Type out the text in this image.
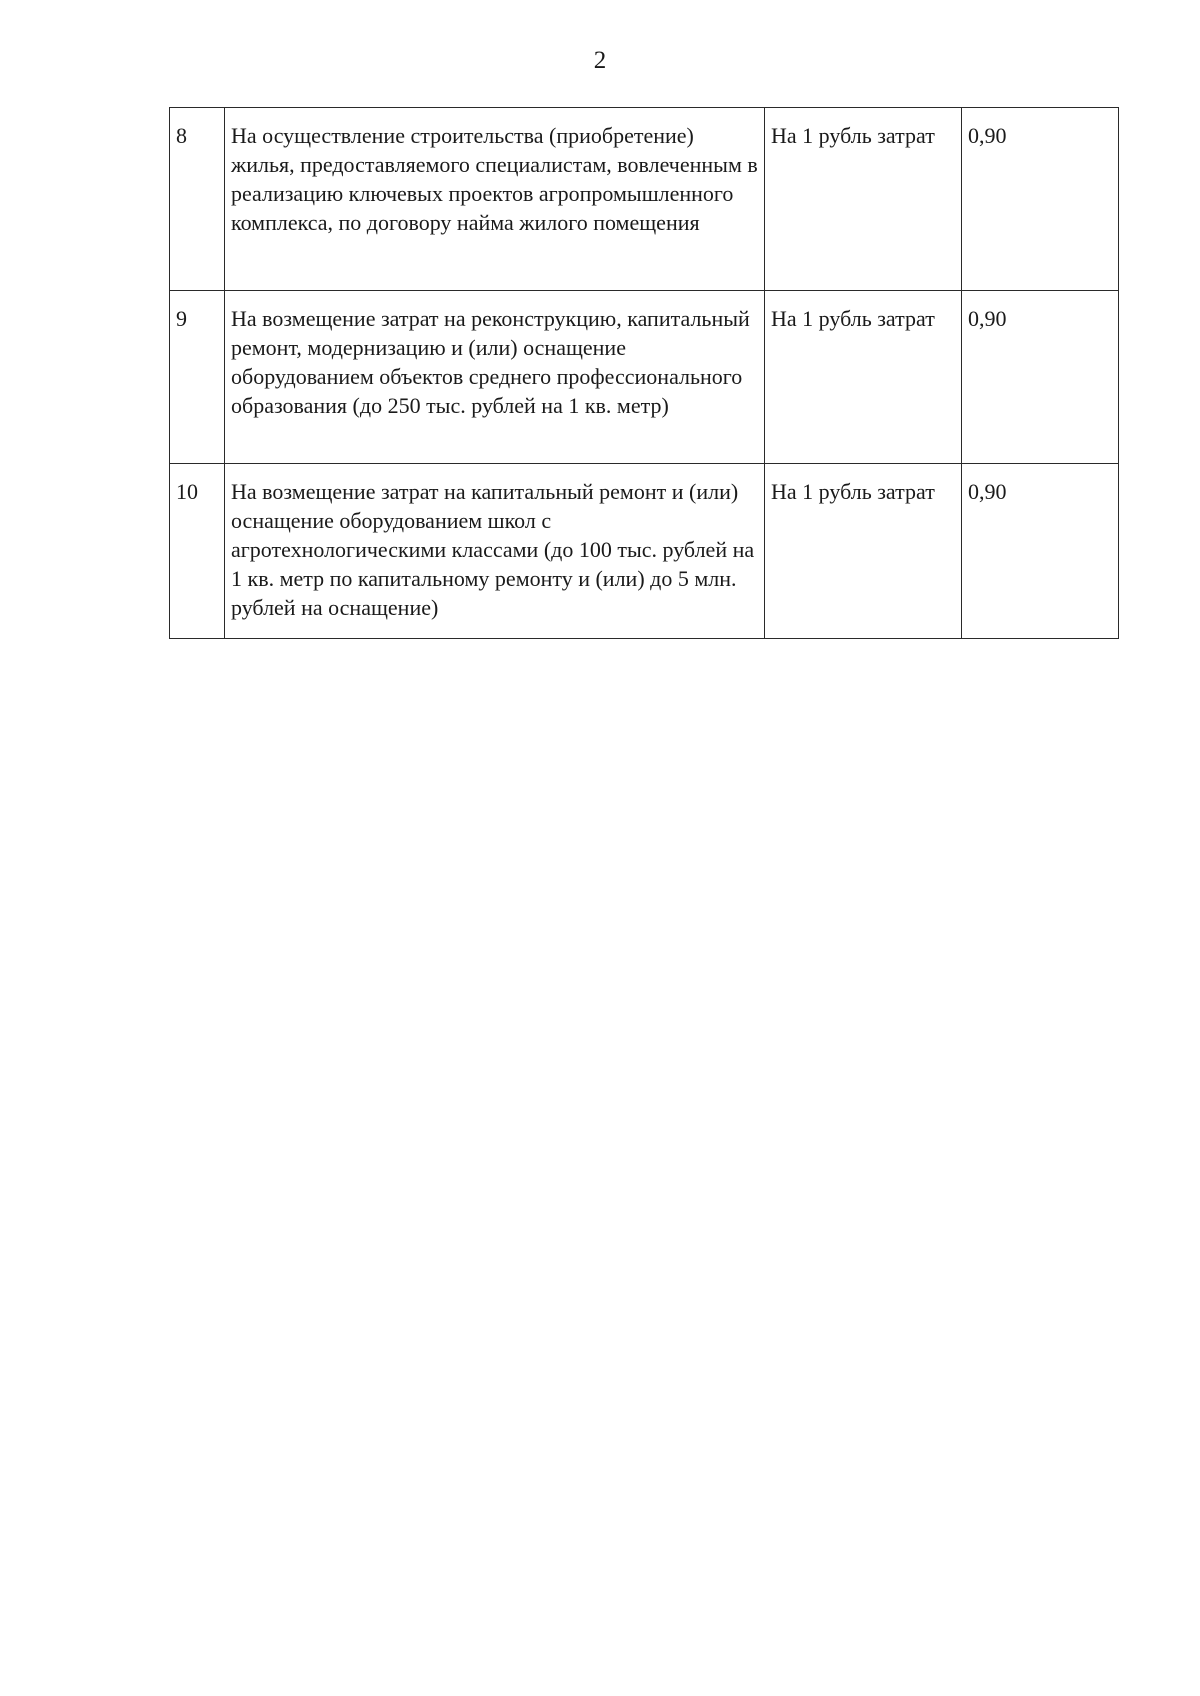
2
8	На осуществление строительства (приобретение) жилья, предоставляемого специалистам, вовлеченным в реализацию ключевых проектов агропромышленного комплекса, по договору найма жилого помещения	На 1 рубль затрат	0,90
9	На возмещение затрат на реконструкцию, капитальный ремонт, модернизацию и (или) оснащение оборудованием объектов среднего профессионального образования (до 250 тыс. рублей на 1 кв. метр)	На 1 рубль затрат	0,90
10	На возмещение затрат на капитальный ремонт и (или) оснащение оборудованием школ с агротехнологическими классами (до 100 тыс. рублей на 1 кв. метр по капитальному ремонту и (или) до 5 млн. рублей на оснащение)	На 1 рубль затрат	0,90
